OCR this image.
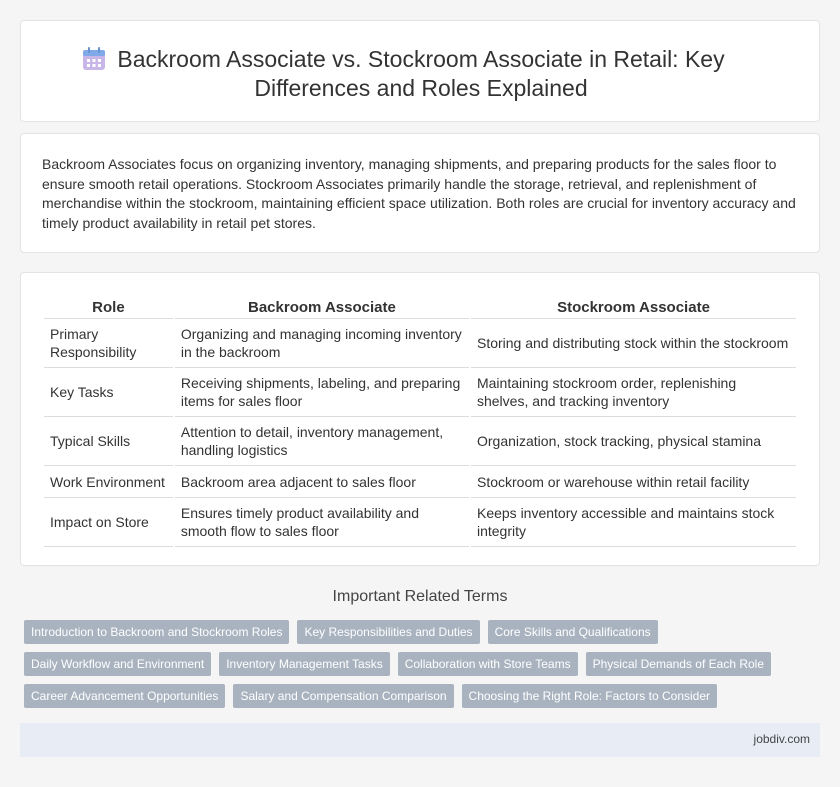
Backroom Associate vs. Stockroom Associate in Retail: Key
Differences and Roles Explained

Backroom Associates focus on organizing inventory, managing shipments, and preparing products for the sales floor to ensure smooth retail operations. Stockroom Associates primarily handle the storage, retrieval, and replenishment of merchandise within the stockroom, maintaining efficient space utilization. Both roles are crucial for inventory accuracy and timely product availability in retail pet stores.

Role	Backroom Associate	Stockroom Associate
Primary Responsibility	Organizing and managing incoming inventory in the backroom	Storing and distributing stock within the stockroom
Key Tasks	Receiving shipments, labeling, and preparing items for sales floor	Maintaining stockroom order, replenishing shelves, and tracking inventory
Typical Skills	Attention to detail, inventory management, handling logistics	Organization, stock tracking, physical stamina
Work Environment	Backroom area adjacent to sales floor	Stockroom or warehouse within retail facility
Impact on Store	Ensures timely product availability and smooth flow to sales floor	Keeps inventory accessible and maintains stock integrity
Important Related Terms
Introduction to Backroom and Stockroom Roles	Key Responsibilities and Duties	Core Skills and Qualifications
Daily Workflow and Environment	Inventory Management Tasks	Collaboration with Store Teams	Physical Demands of Each Role
Career Advancement Opportunities	Salary and Compensation Comparison	Choosing the Right Role: Factors to Consider
jobdiv.com
